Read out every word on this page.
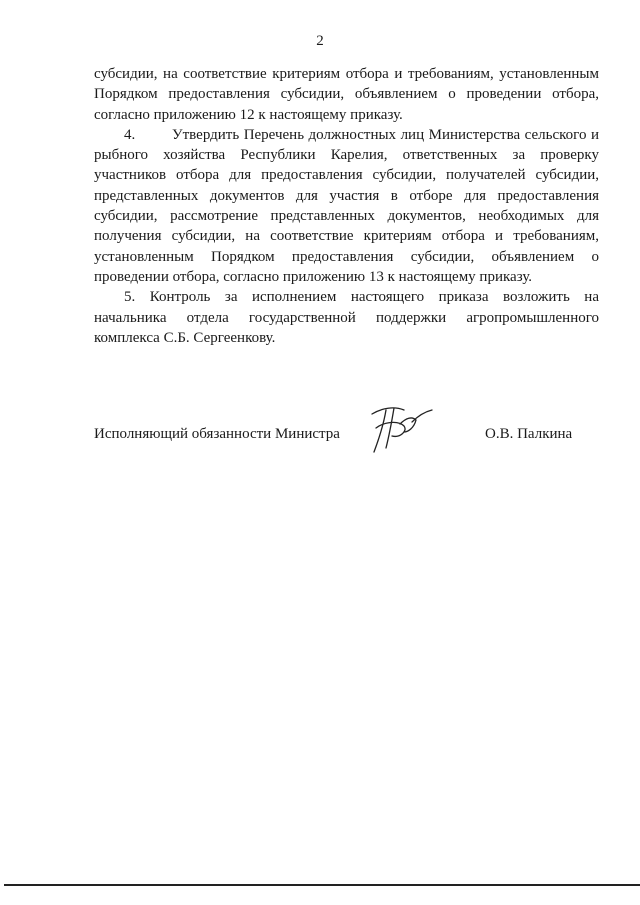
2

субсидии, на соответствие критериям отбора и требованиям, установленным Порядком предоставления субсидии, объявлением о проведении отбора, согласно приложению 12 к настоящему приказу.

4. Утвердить Перечень должностных лиц Министерства сельского и рыбного хозяйства Республики Карелия, ответственных за проверку участников отбора для предоставления субсидии, получателей субсидии, представленных документов для участия в отборе для предоставления субсидии, рассмотрение представленных документов, необходимых для получения субсидии, на соответствие критериям отбора и требованиям, установленным Порядком предоставления субсидии, объявлением о проведении отбора, согласно приложению 13 к настоящему приказу.

5. Контроль за исполнением настоящего приказа возложить на начальника отдела государственной поддержки агропромышленного комплекса С.Б. Сергеенкову.

Исполняющий обязанности Министра	О.В. Палкина
